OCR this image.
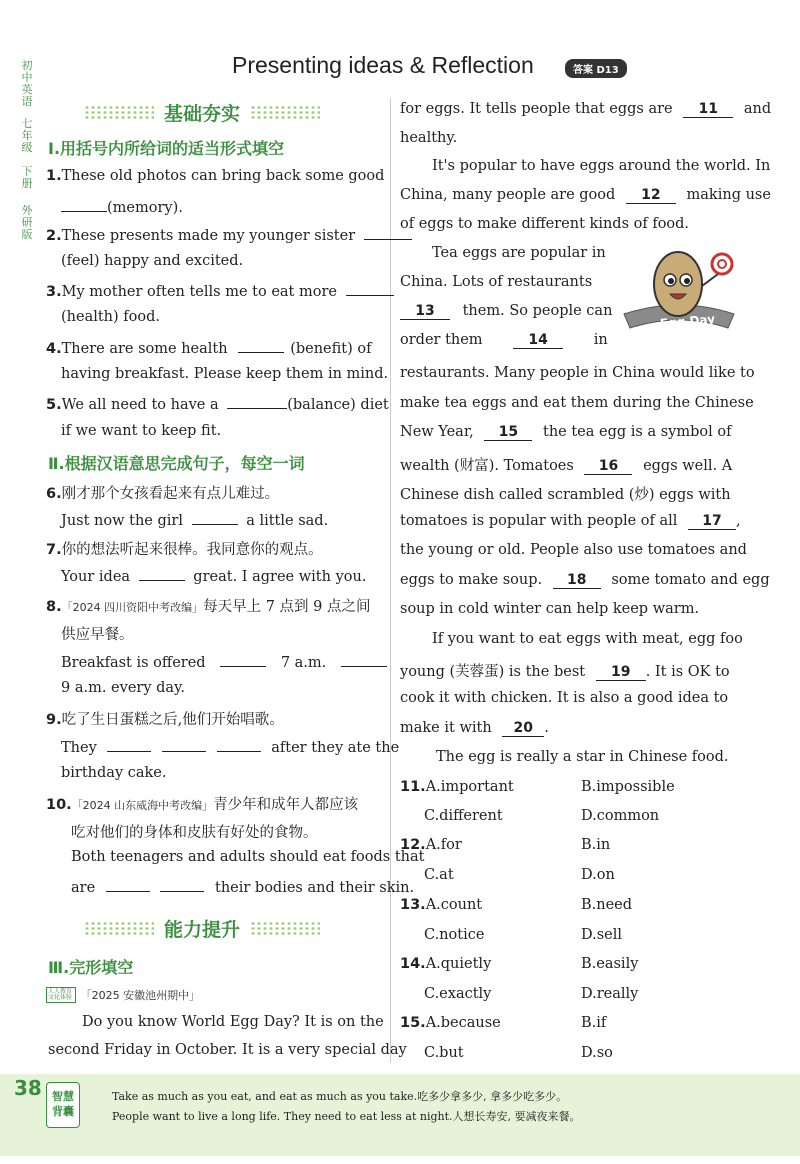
初中英语
七年级
下册
外研版
Presenting ideas & Reflection	答案 D13
基础夯实
Ⅰ.用括号内所给词的适当形式填空
1.These old photos can bring back some good
(memory).
2.These presents made my younger sister
(feel) happy and excited.
3.My mother often tells me to eat more
(health) food.
4.There are some health	(benefit) of
having breakfast. Please keep them in mind.
5.We all need to have a	(balance) diet
if we want to keep fit.
Ⅱ.根据汉语意思完成句子，每空一词
6.刚才那个女孩看起来有点儿难过。
Just now the girl	a little sad.
7.你的想法听起来很棒。我同意你的观点。
Your idea	great. I agree with you.
8.「2024 四川资阳中考改编」每天早上 7 点到 9 点之间
供应早餐。
Breakfast is offered	7 a.m.
9 a.m. every day.
9.吃了生日蛋糕之后,他们开始唱歌。
They	after they ate the
birthday cake.
10.「2024 山东威海中考改编」青少年和成年人都应该
吃对他们的身体和皮肤有好处的食物。
Both teenagers and adults should eat foods that
are	their bodies and their skin.
能力提升
Ⅲ.完形填空
人人教育 文化体验 「2025 安徽池州期中」
Do you know World Egg Day? It is on the
second Friday in October. It is a very special day
for eggs. It tells people that eggs are 11 and
healthy.
It's popular to have eggs around the world. In
China, many people are good 12 making use
of eggs to make different kinds of food.
Tea eggs are popular in
China. Lots of restaurants
13 them. So people can
order them	14	in
Egg Day
restaurants. Many people in China would like to
make tea eggs and eat them during the Chinese
New Year, 15 the tea egg is a symbol of
wealth (财富). Tomatoes 16 eggs well. A
Chinese dish called scrambled (炒) eggs with
tomatoes is popular with people of all 17 ,
the young or old. People also use tomatoes and
eggs to make soup. 18 some tomato and egg
soup in cold winter can help keep warm.
If you want to eat eggs with meat, egg foo
young (芙蓉蛋) is the best 19 . It is OK to
cook it with chicken. It is also a good idea to
make it with 20 .
The egg is really a star in Chinese food.
11.A.important	B.impossible
C.different	D.common
12.A.for	B.in
C.at	D.on
13.A.count	B.need
C.notice	D.sell
14.A.quietly	B.easily
C.exactly	D.really
15.A.because	B.if
C.but	D.so
38 智慧
背囊
Take as much as you eat, and eat as much as you take.吃多少拿多少, 拿多少吃多少。
People want to live a long life. They need to eat less at night.人想长寿安, 要减夜来餐。
